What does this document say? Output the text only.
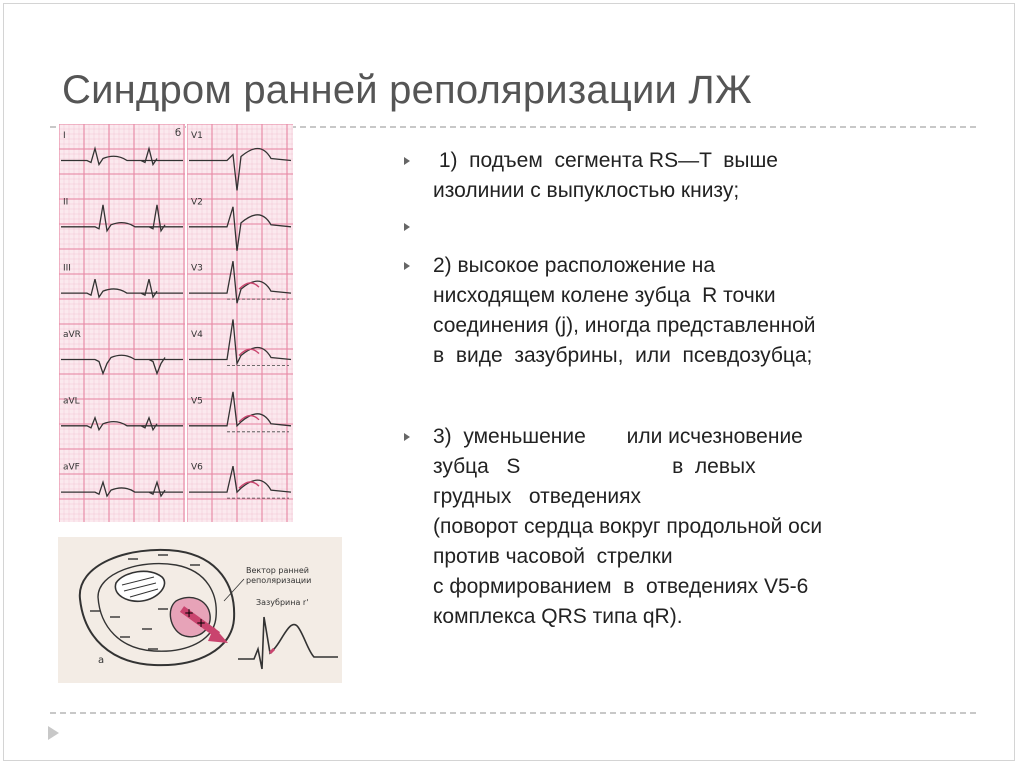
Синдром ранней реполяризации ЛЖ
I
II
III
aVR
aVL
aVF
б V1
V2
V3
V4
V5
V6
+
+
Вектор ранней
реполяризации
Зазубрина r'
а
1)  подъем  сегмента RS—T  выше
изолинии с выпуклостью книзу;
2) высокое расположение на
нисходящем колене зубца  R точки
соединения (j), иногда представленной
в  виде  зазубрины,  или  псевдозубца;
3)  уменьшение       или исчезновение
зубца   S                          в  левых
грудных   отведениях
(поворот сердца вокруг продольной оси
против часовой  стрелки
с формированием  в  отведениях V5-6
комплекса QRS типа qR).
